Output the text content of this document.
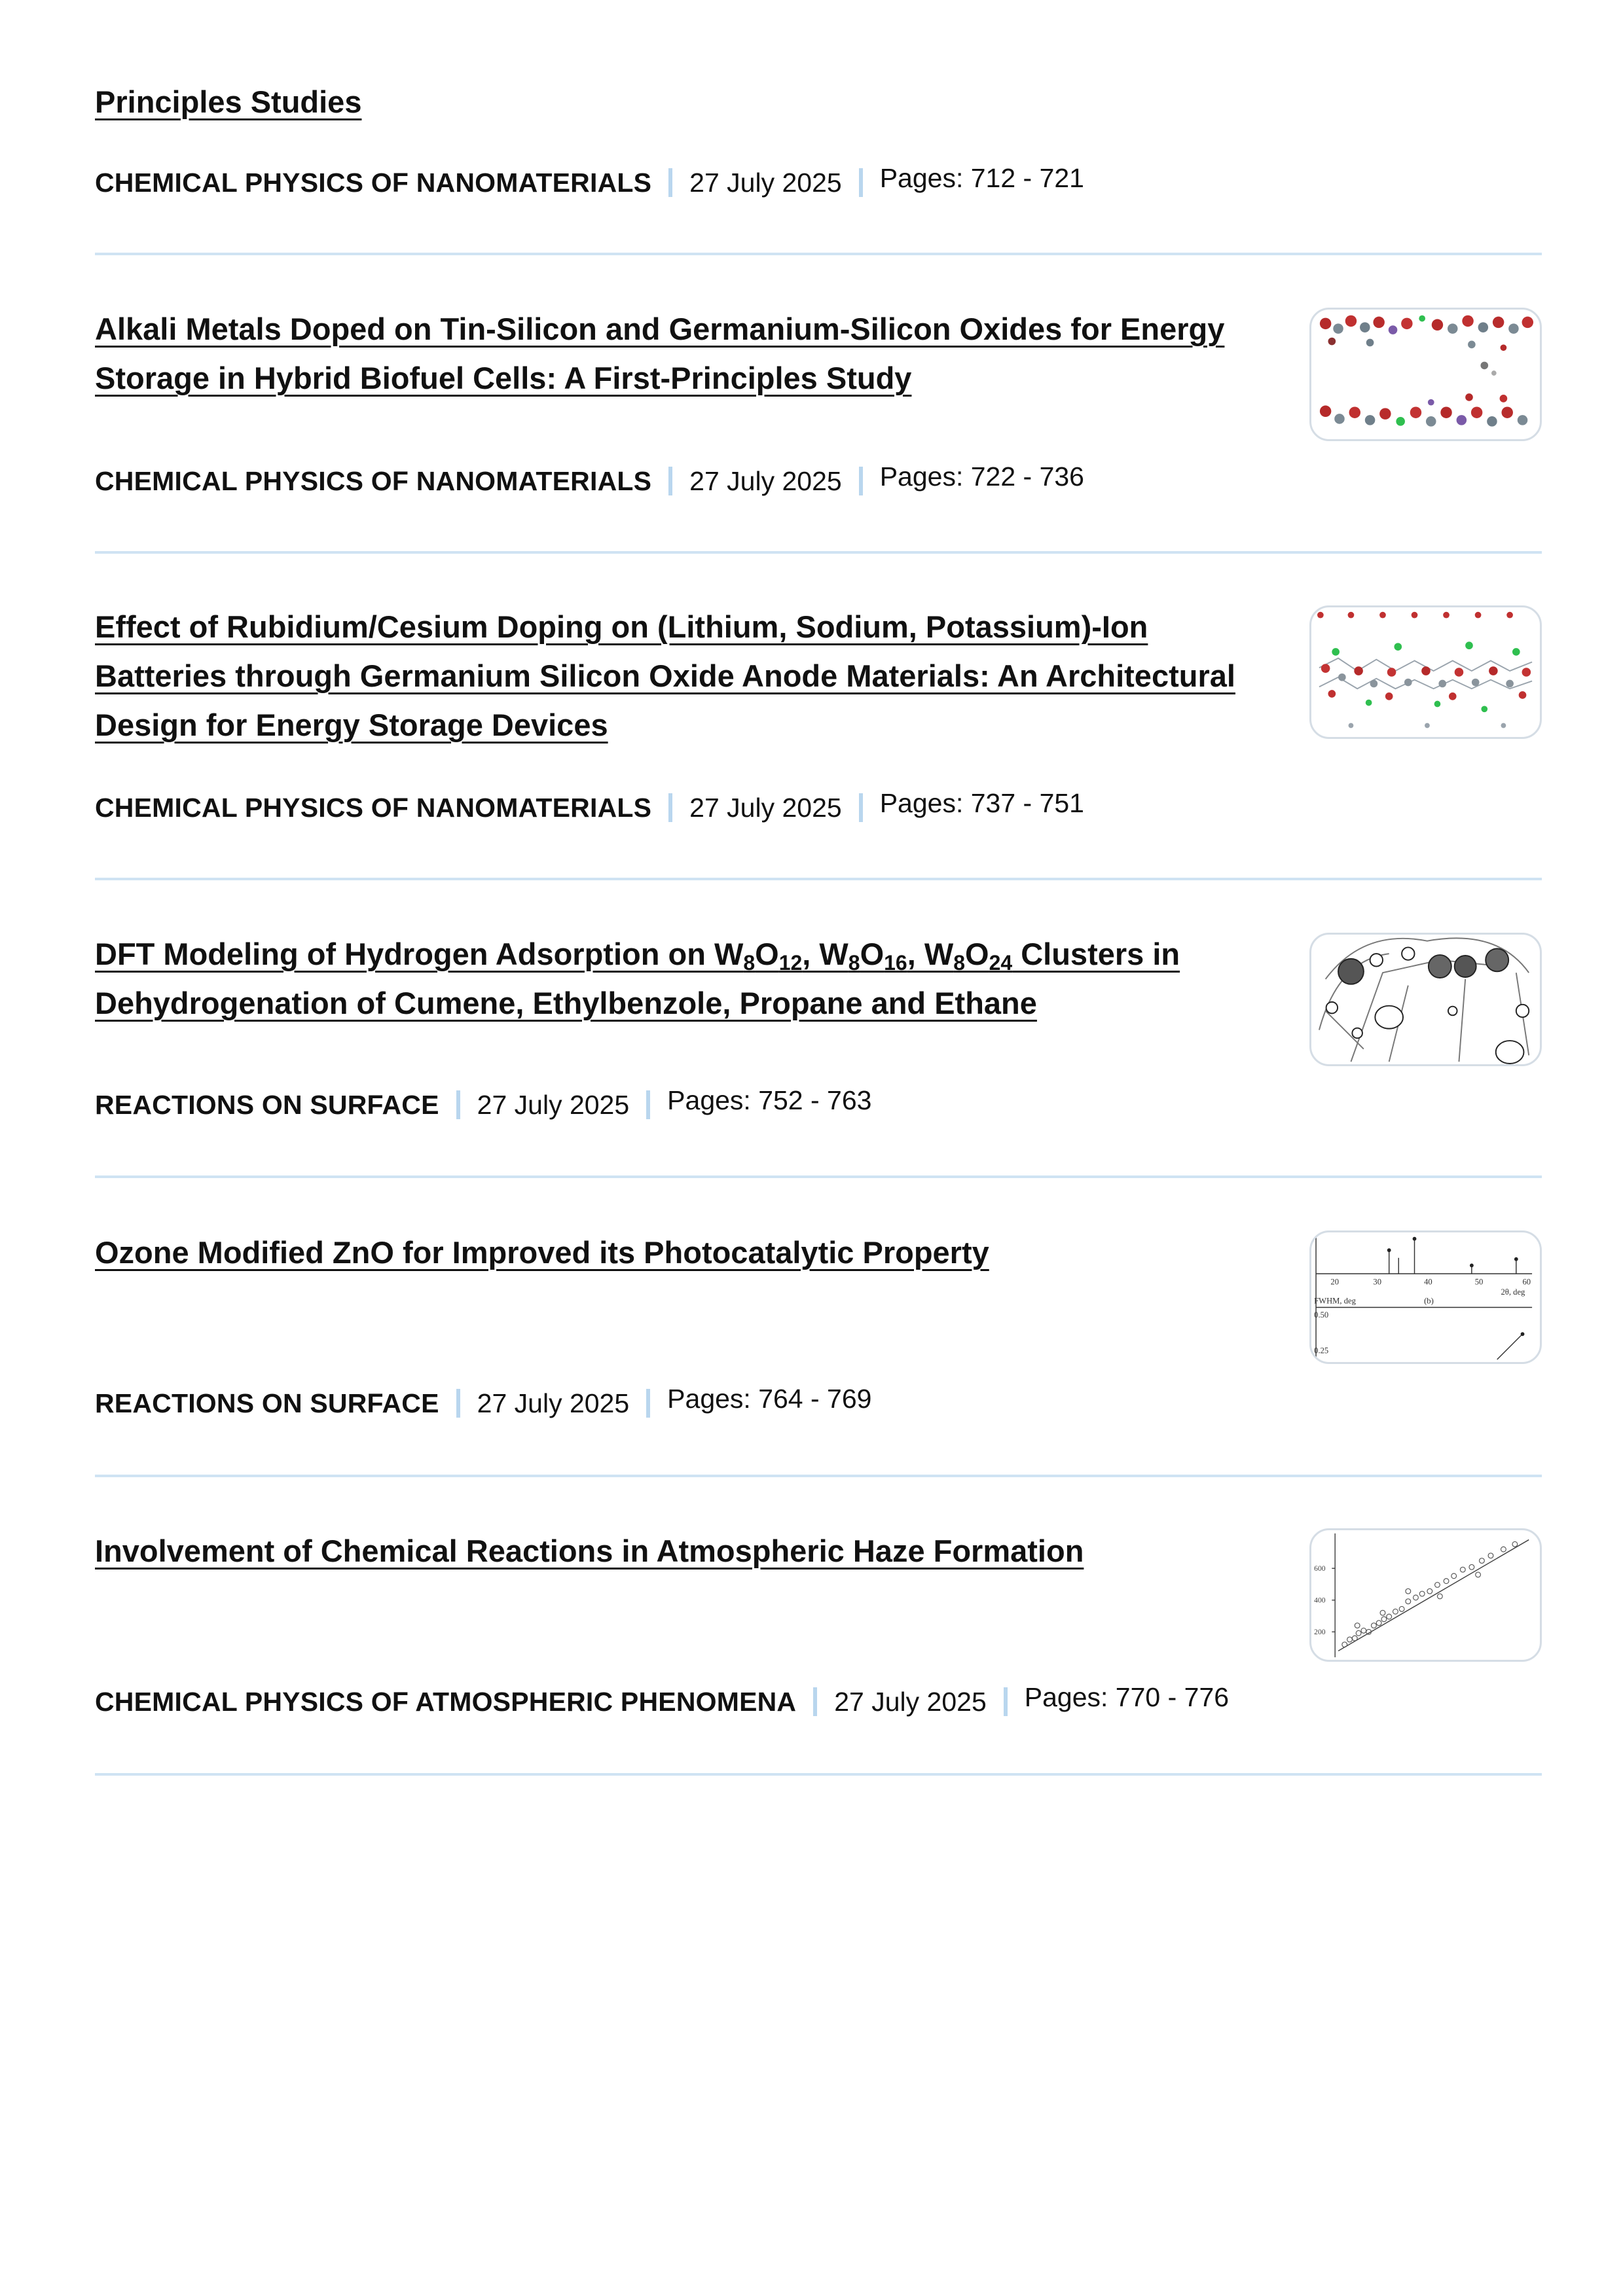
Principles Studies
CHEMICAL PHYSICS OF NANOMATERIALS 27 July 2025 Pages: 712 - 721
Alkali Metals Doped on Tin-Silicon and Germanium-Silicon Oxides for Energy Storage in Hybrid Biofuel Cells: A First-Principles Study
CHEMICAL PHYSICS OF NANOMATERIALS 27 July 2025 Pages: 722 - 736
Effect of Rubidium/Cesium Doping on (Lithium, Sodium, Potassium)-Ion Batteries through Germanium Silicon Oxide Anode Materials: An Architectural Design for Energy Storage Devices
CHEMICAL PHYSICS OF NANOMATERIALS 27 July 2025 Pages: 737 - 751
DFT Modeling of Hydrogen Adsorption on $W_8O_{12}$, $W_8O_{16}$, $W_8O_{24}$ Clusters in Dehydrogenation of Cumene, Ethylbenzole, Propane and Ethane
REACTIONS ON SURFACE 27 July 2025 Pages: 752 - 763
Ozone Modified ZnO for Improved its Photocatalytic Property
REACTIONS ON SURFACE 27 July 2025 Pages: 764 - 769
20	30	40	50	60
2θ, deg
FWHM, deg	(b)
0.50
0.25
Involvement of Chemical Reactions in Atmospheric Haze Formation
CHEMICAL PHYSICS OF ATMOSPHERIC PHENOMENA 27 July 2025 Pages: 770 - 776
600
400
200
